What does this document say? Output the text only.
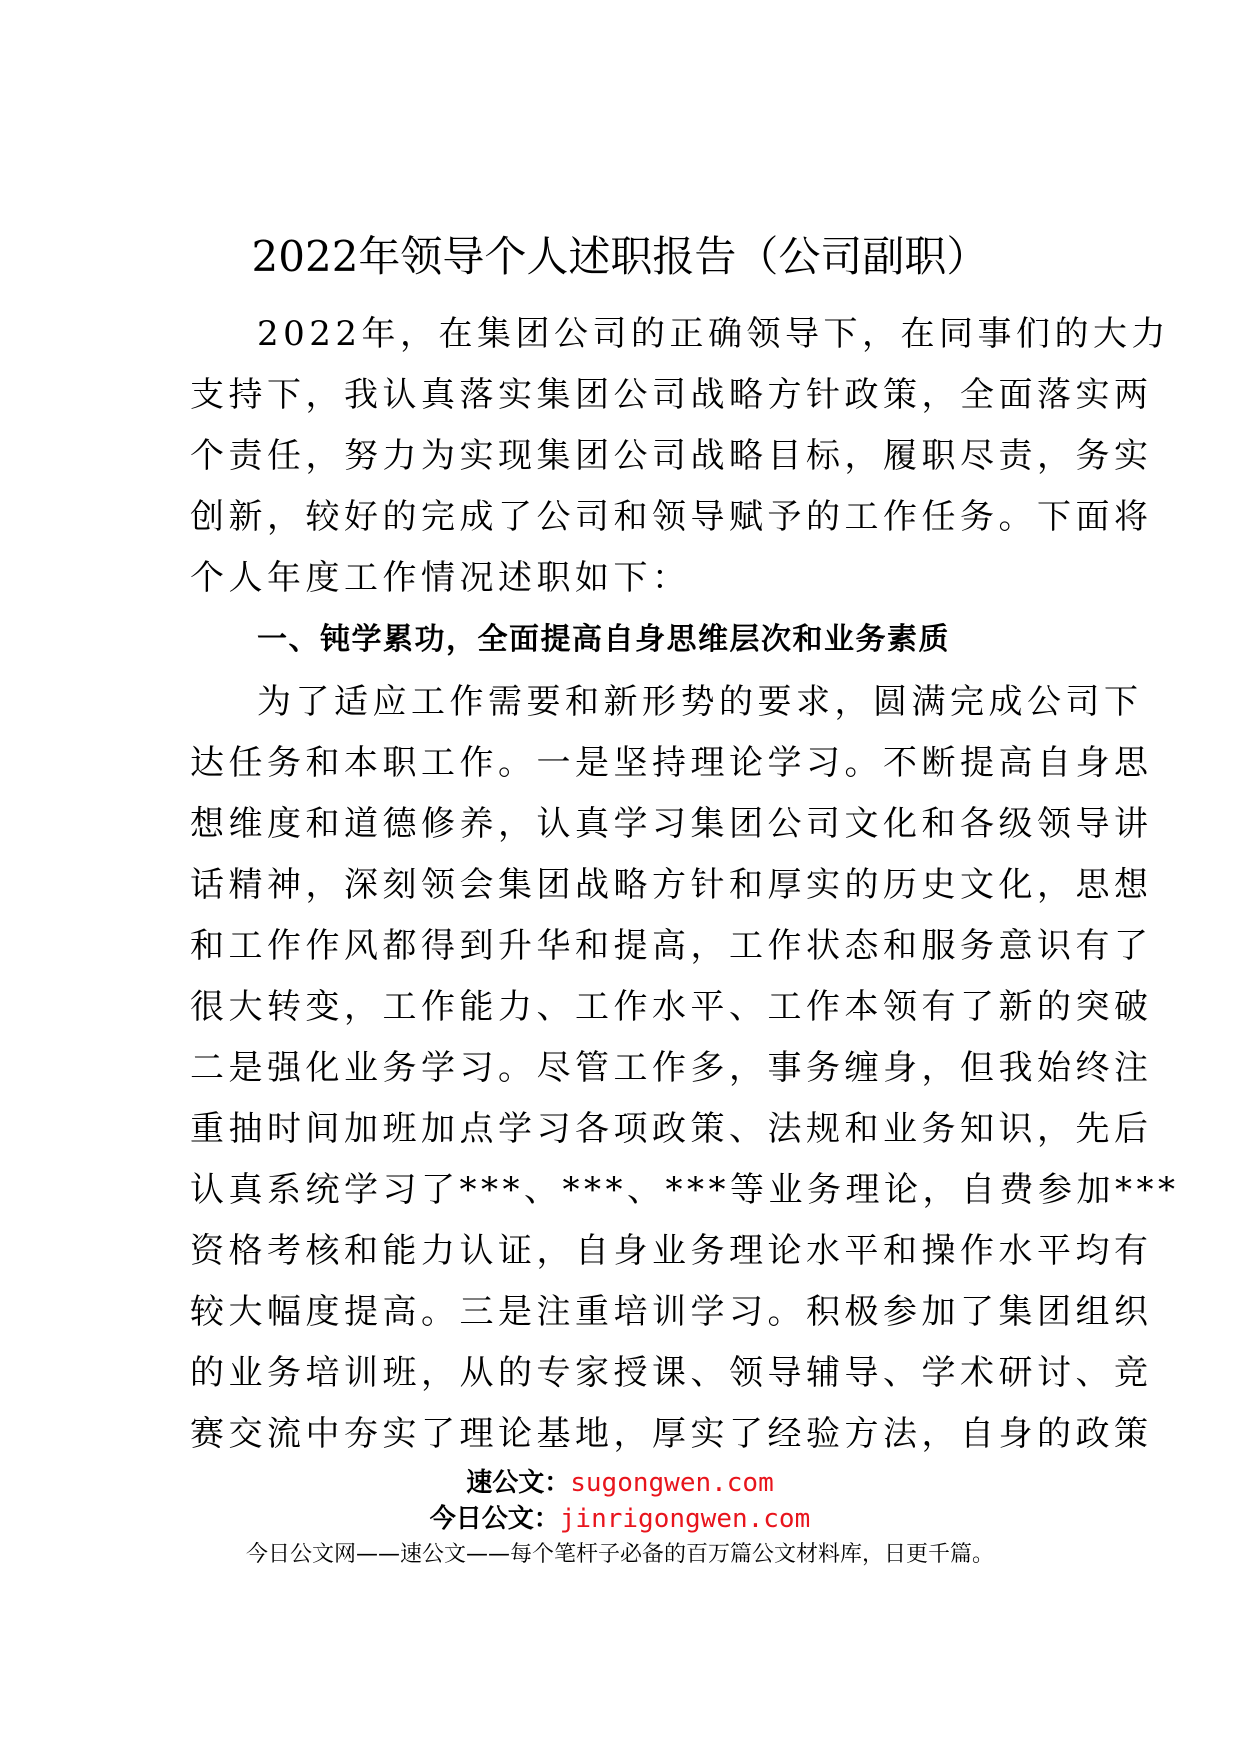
2022年领导个人述职报告（公司副职）
2022年，在集团公司的正确领导下，在同事们的大力
支持下，我认真落实集团公司战略方针政策，全面落实两
个责任，努力为实现集团公司战略目标，履职尽责，务实
创新，较好的完成了公司和领导赋予的工作任务。下面将
个人年度工作情况述职如下：
一、钝学累功，全面提高自身思维层次和业务素质
为了适应工作需要和新形势的要求，圆满完成公司下
达任务和本职工作。一是坚持理论学习。不断提高自身思
想维度和道德修养，认真学习集团公司文化和各级领导讲
话精神，深刻领会集团战略方针和厚实的历史文化，思想
和工作作风都得到升华和提高，工作状态和服务意识有了
很大转变，工作能力、工作水平、工作本领有了新的突破
二是强化业务学习。尽管工作多，事务缠身，但我始终注
重抽时间加班加点学习各项政策、法规和业务知识，先后
认真系统学习了***、***、***等业务理论，自费参加***
资格考核和能力认证，自身业务理论水平和操作水平均有
较大幅度提高。三是注重培训学习。积极参加了集团组织
的业务培训班，从的专家授课、领导辅导、学术研讨、竞
赛交流中夯实了理论基地，厚实了经验方法，自身的政策
速公文：sugongwen.com
今日公文：jinrigongwen.com
今日公文网——速公文——每个笔杆子必备的百万篇公文材料库，日更千篇。
